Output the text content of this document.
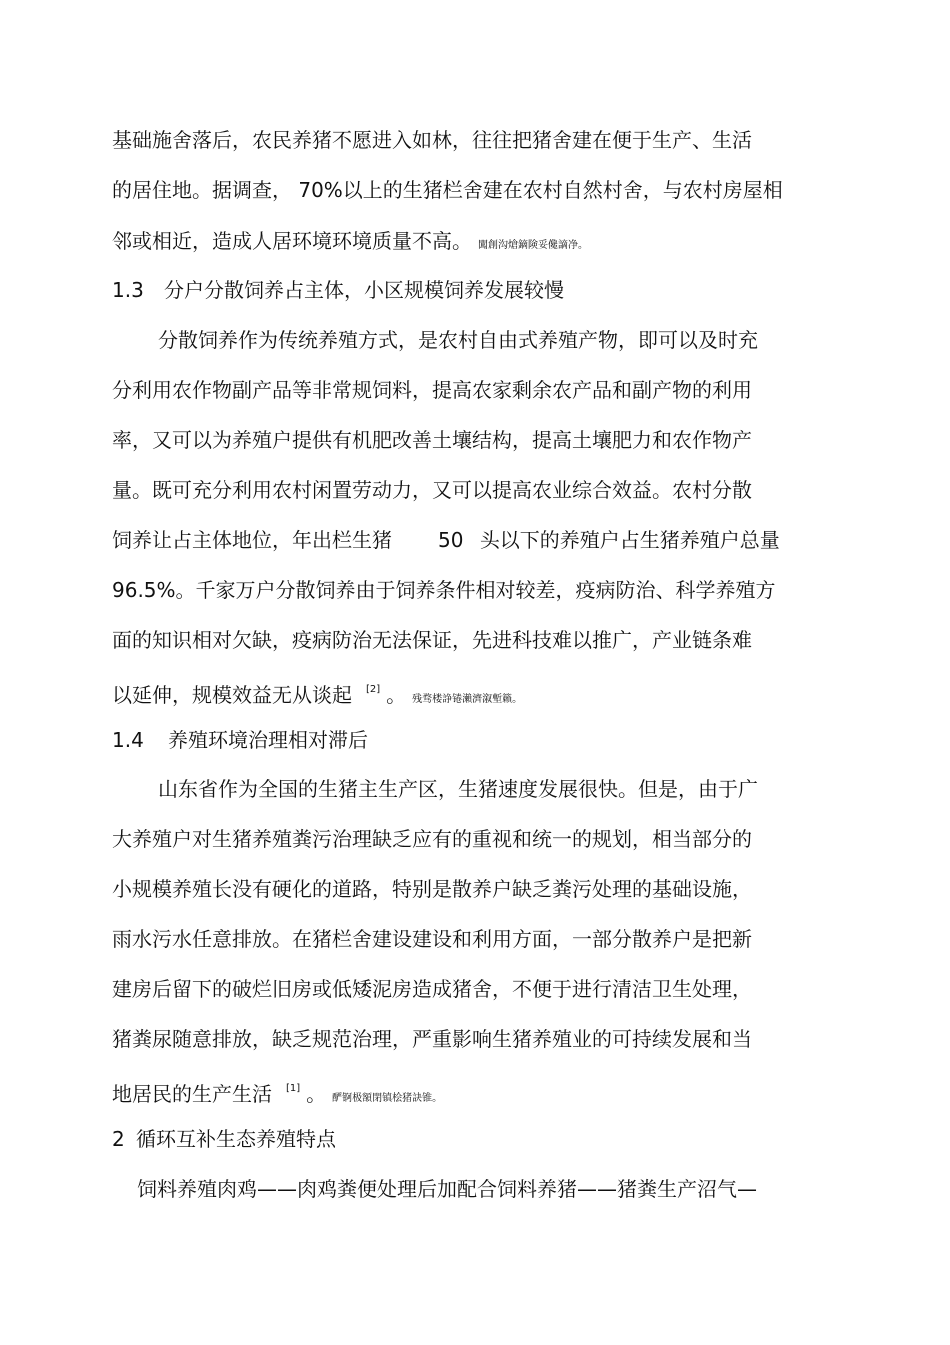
基础施舍落后，农民养猪不愿进入如林，往往把猪舍建在便于生产、生活
的居住地。据调查， 70%以上的生猪栏舍建在农村自然村舍，与农村房屋相
邻或相近，造成人居环境环境质量不高。 闖創沟熗鏑険妥儳謫净。
1.3 分户分散饲养占主体，小区规模饲养发展较慢
分散饲养作为传统养殖方式，是农村自由式养殖产物，即可以及时充
分利用农作物副产品等非常规饲料，提高农家剩余农产品和副产物的利用
率，又可以为养殖户提供有机肥改善土壤结构，提高土壤肥力和农作物产
量。既可充分利用农村闲置劳动力，又可以提高农业综合效益。农村分散
饲养让占主体地位，年出栏生猪 50 头以下的养殖户占生猪养殖户总量
96.5%。千家万户分散饲养由于饲养条件相对较差，疫病防治、科学养殖方
面的知识相对欠缺，疫病防治无法保证，先进科技难以推广，产业链条难
以延伸，规模效益无从谈起 [2] 。 残骛楼諍锩瀨濟溆塹籟。
1.4 养殖环境治理相对滞后
山东省作为全国的生猪主生产区，生猪速度发展很快。但是，由于广
大养殖户对生猪养殖粪污治理缺乏应有的重视和统一的规划，相当部分的
小规模养殖长没有硬化的道路，特别是散养户缺乏粪污处理的基础设施，
雨水污水任意排放。在猪栏舍建设建设和利用方面，一部分散养户是把新
建房后留下的破烂旧房或低矮泥房造成猪舍，不便于进行清洁卫生处理，
猪粪尿随意排放，缺乏规范治理，严重影响生猪养殖业的可持续发展和当
地居民的生产生活 [1] 。 酽锕极額閉镇桧猪訣锥。
2 循环互补生态养殖特点
饲料养殖肉鸡——肉鸡粪便处理后加配合饲料养猪——猪粪生产沼气—
